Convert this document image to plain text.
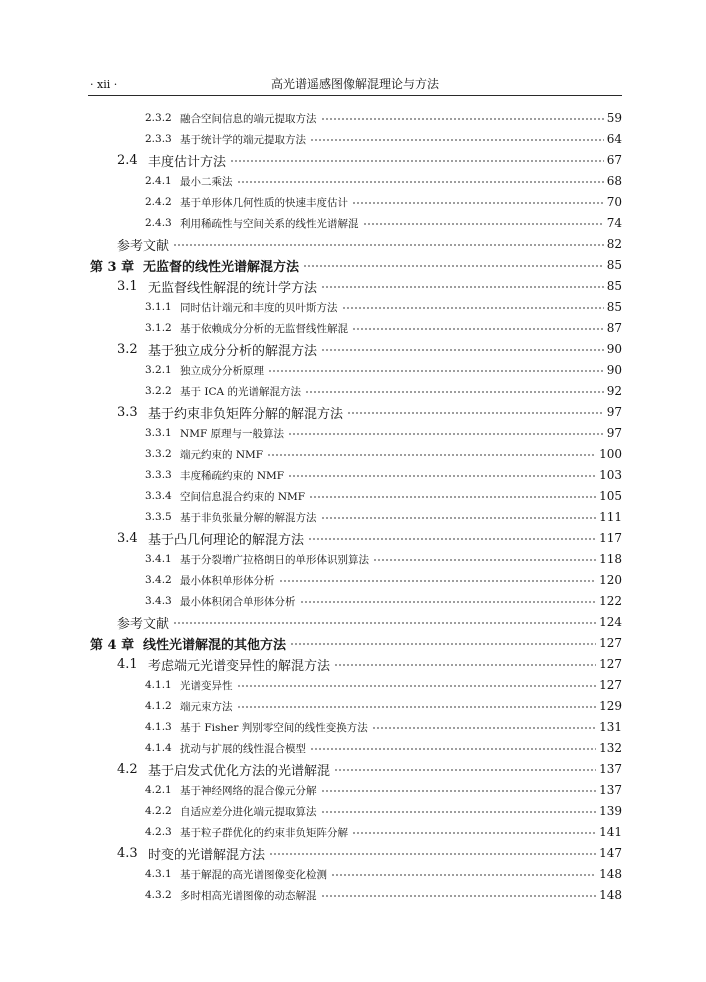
· xii ·	高光谱遥感图像解混理论与方法
2.3.2 融合空间信息的端元提取方法	59
2.3.3 基于统计学的端元提取方法	64
2.4 丰度估计方法	67
2.4.1 最小二乘法	68
2.4.2 基于单形体几何性质的快速丰度估计	70
2.4.3 利用稀疏性与空间关系的线性光谱解混	74
参考文献	82
第 3 章 无监督的线性光谱解混方法	85
3.1 无监督线性解混的统计学方法	85
3.1.1 同时估计端元和丰度的贝叶斯方法	85
3.1.2 基于依赖成分分析的无监督线性解混	87
3.2 基于独立成分分析的解混方法	90
3.2.1 独立成分分析原理	90
3.2.2 基于 ICA 的光谱解混方法	92
3.3 基于约束非负矩阵分解的解混方法	97
3.3.1 NMF 原理与一般算法	97
3.3.2 端元约束的 NMF	100
3.3.3 丰度稀疏约束的 NMF	103
3.3.4 空间信息混合约束的 NMF	105
3.3.5 基于非负张量分解的解混方法	111
3.4 基于凸几何理论的解混方法	117
3.4.1 基于分裂增广拉格朗日的单形体识别算法	118
3.4.2 最小体积单形体分析	120
3.4.3 最小体积闭合单形体分析	122
参考文献	124
第 4 章 线性光谱解混的其他方法	127
4.1 考虑端元光谱变异性的解混方法	127
4.1.1 光谱变异性	127
4.1.2 端元束方法	129
4.1.3 基于 Fisher 判别零空间的线性变换方法	131
4.1.4 扰动与扩展的线性混合模型	132
4.2 基于启发式优化方法的光谱解混	137
4.2.1 基于神经网络的混合像元分解	137
4.2.2 自适应差分进化端元提取算法	139
4.2.3 基于粒子群优化的约束非负矩阵分解	141
4.3 时变的光谱解混方法	147
4.3.1 基于解混的高光谱图像变化检测	148
4.3.2 多时相高光谱图像的动态解混	148
